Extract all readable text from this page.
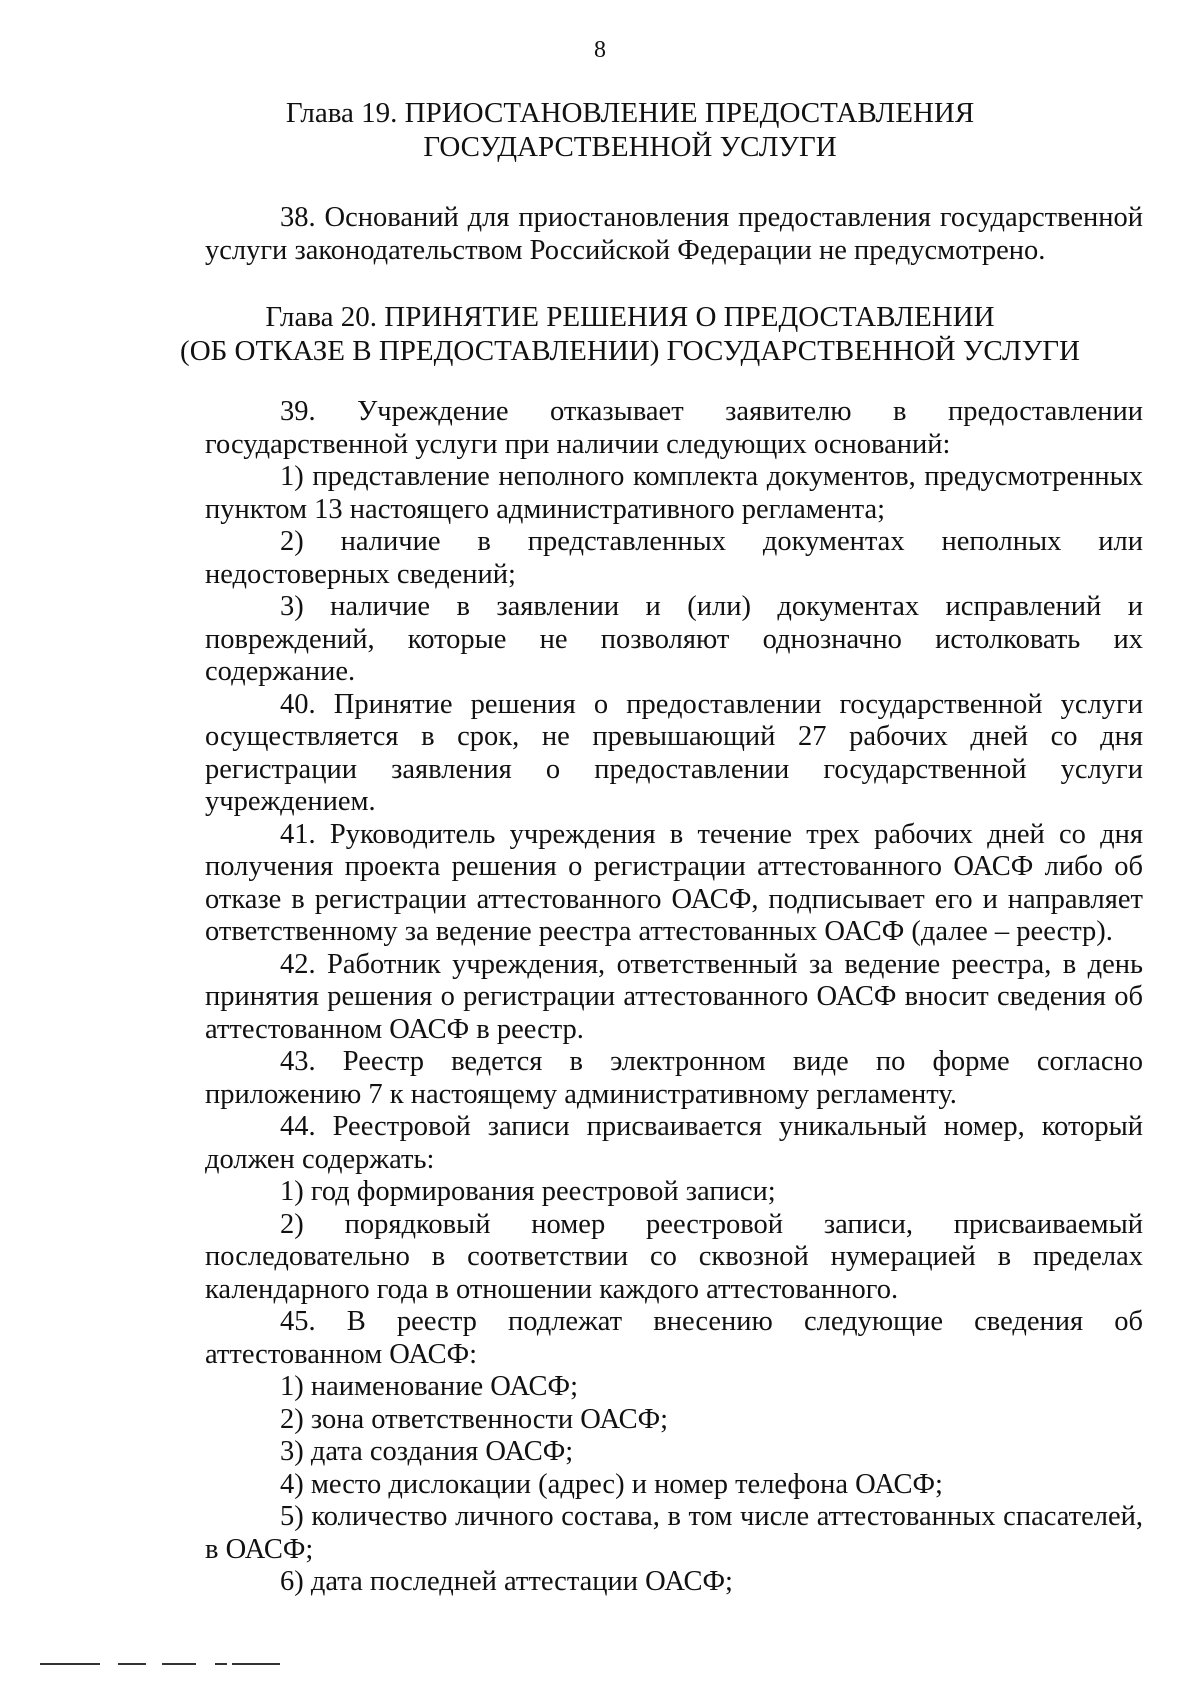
8
Глава 19. ПРИОСТАНОВЛЕНИЕ ПРЕДОСТАВЛЕНИЯ
ГОСУДАРСТВЕННОЙ УСЛУГИ

38. Оснований для приостановления предоставления государственной услуги законодательством Российской Федерации не предусмотрено.

Глава 20. ПРИНЯТИЕ РЕШЕНИЯ О ПРЕДОСТАВЛЕНИИ
(ОБ ОТКАЗЕ В ПРЕДОСТАВЛЕНИИ) ГОСУДАРСТВЕННОЙ УСЛУГИ

39. Учреждение отказывает заявителю в предоставлении государственной услуги при наличии следующих оснований:

1) представление неполного комплекта документов, предусмотренных пунктом 13 настоящего административного регламента;

2) наличие в представленных документах неполных или недостоверных сведений;

3) наличие в заявлении и (или) документах исправлений и повреждений, которые не позволяют однозначно истолковать их содержание.

40. Принятие решения о предоставлении государственной услуги осуществляется в срок, не превышающий 27 рабочих дней со дня регистрации заявления о предоставлении государственной услуги учреждением.

41. Руководитель учреждения в течение трех рабочих дней со дня получения проекта решения о регистрации аттестованного ОАСФ либо об отказе в регистрации аттестованного ОАСФ, подписывает его и направляет ответственному за ведение реестра аттестованных ОАСФ (далее – реестр).

42. Работник учреждения, ответственный за ведение реестра, в день принятия решения о регистрации аттестованного ОАСФ вносит сведения об аттестованном ОАСФ в реестр.

43. Реестр ведется в электронном виде по форме согласно приложению 7 к настоящему административному регламенту.

44. Реестровой записи присваивается уникальный номер, который должен содержать:

1) год формирования реестровой записи;

2) порядковый номер реестровой записи, присваиваемый последовательно в соответствии со сквозной нумерацией в пределах календарного года в отношении каждого аттестованного.

45. В реестр подлежат внесению следующие сведения об аттестованном ОАСФ:

1) наименование ОАСФ;

2) зона ответственности ОАСФ;

3) дата создания ОАСФ;

4) место дислокации (адрес) и номер телефона ОАСФ;

5) количество личного состава, в том числе аттестованных спасателей, в ОАСФ;

6) дата последней аттестации ОАСФ;
